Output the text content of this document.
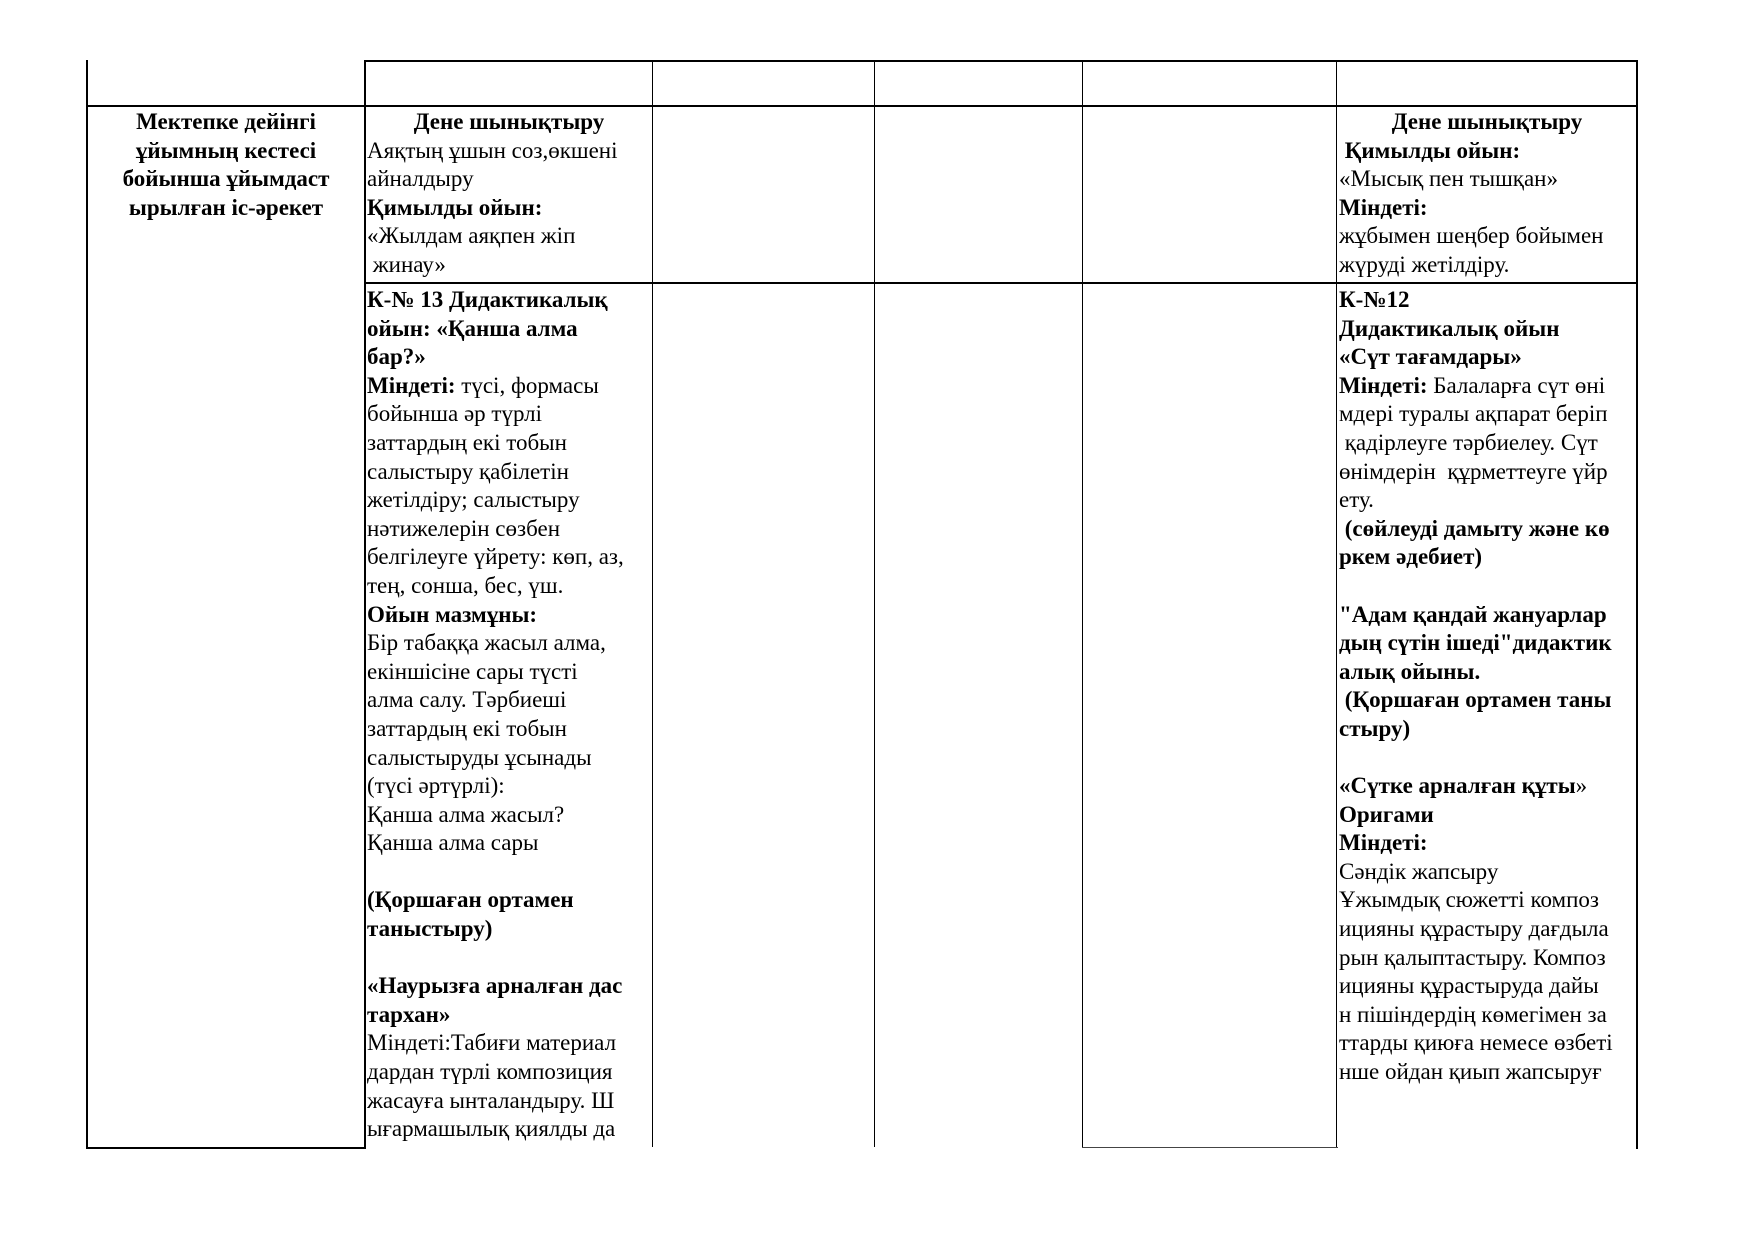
Мектепке дейінгі

ұйымның кестесі

бойынша ұйымдаст

ырылған іс-әрекет

Дене шынықтыру

Аяқтың ұшын соз,өкшені

айналдыру

Қимылды ойын:

«Жылдам аяқпен жіп

жинау»

К-№ 13 Дидактикалық

ойын: «Қанша алма

бар?»

Міндеті: түсі, формасы

бойынша әр түрлі

заттардың екі тобын

салыстыру қабілетін

жетілдіру; салыстыру

нәтижелерін сөзбен

белгілеуге үйрету: көп, аз,

тең, сонша, бес, үш.

Ойын мазмұны:

Бір табаққа жасыл алма,

екіншісіне сары түсті

алма салу. Тәрбиеші

заттардың екі тобын

салыстыруды ұсынады

(түсі әртүрлі):

Қанша алма жасыл?

Қанша алма сары

(Қоршаған ортамен

таныстыру)

«Наурызға арналған дас

тархан»

Міндеті:Табиғи материал

дардан түрлі композиция

жасауға ынталандыру. Ш

ығармашылық қиялды да

Дене шынықтыру

Қимылды ойын:

«Мысық пен тышқан»

Міндеті:

жұбымен шеңбер бойымен

жүруді жетілдіру.

К-№12

Дидактикалық ойын

«Сүт тағамдары»

Міндеті: Балаларға сүт өні

мдері туралы ақпарат беріп

қадірлеуге тәрбиелеу. Сүт

өнімдерін  құрметтеуге үйр

ету.

(сөйлеуді дамыту және кө

ркем әдебиет)

"Адам қандай жануарлар

дың сүтін ішеді"дидактик

алық ойыны.

(Қоршаған ортамен таны

стыру)

«Сүтке арналған құты»

Оригами

Міндеті:

Сәндік жапсыру

Ұжымдық сюжетті композ

ицияны құрастыру дағдыла

рын қалыптастыру. Композ

ицияны құрастыруда дайы

н пішіндердің көмегімен за

ттарды қиюға немесе өзбеті

нше ойдан қиып жапсыруғ
